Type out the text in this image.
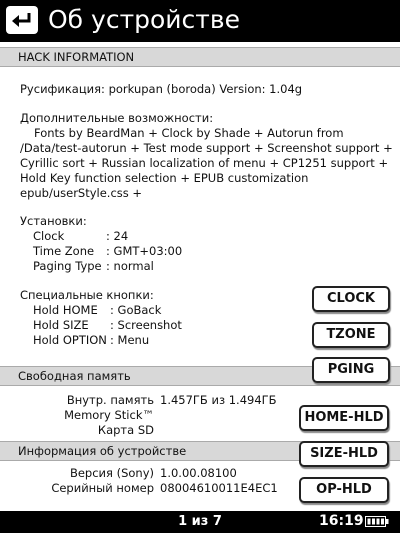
Об устройстве
HACK INFORMATION
Русификация: porkupan (boroda) Version: 1.04g
Дополнительные возможности:
Fonts by BeardMan + Clock by Shade + Autorun from
/Data/test-autorun + Test mode support + Screenshot support +
Cyrillic sort + Russian localization of menu + CP1251 support +
Hold Key function selection + EPUB customization
epub/userStyle.css +
Установки:
Clock	: 24
Time Zone : GMT+03:00
Paging Type : normal
Специальные кнопки:
Hold HOME : GoBack
Hold SIZE : Screenshot
Hold OPTION : Menu
Свободная память
Внутр. память 1.457ГБ из 1.494ГБ
Memory Stick™
Карта SD
Информация об устройстве
Версия (Sony) 1.0.00.08100
Серийный номер 08004610011E4EC1
CLOCK
TZONE
PGING
HOME-HLD
SIZE-HLD
OP-HLD
1 из 7	16:19
